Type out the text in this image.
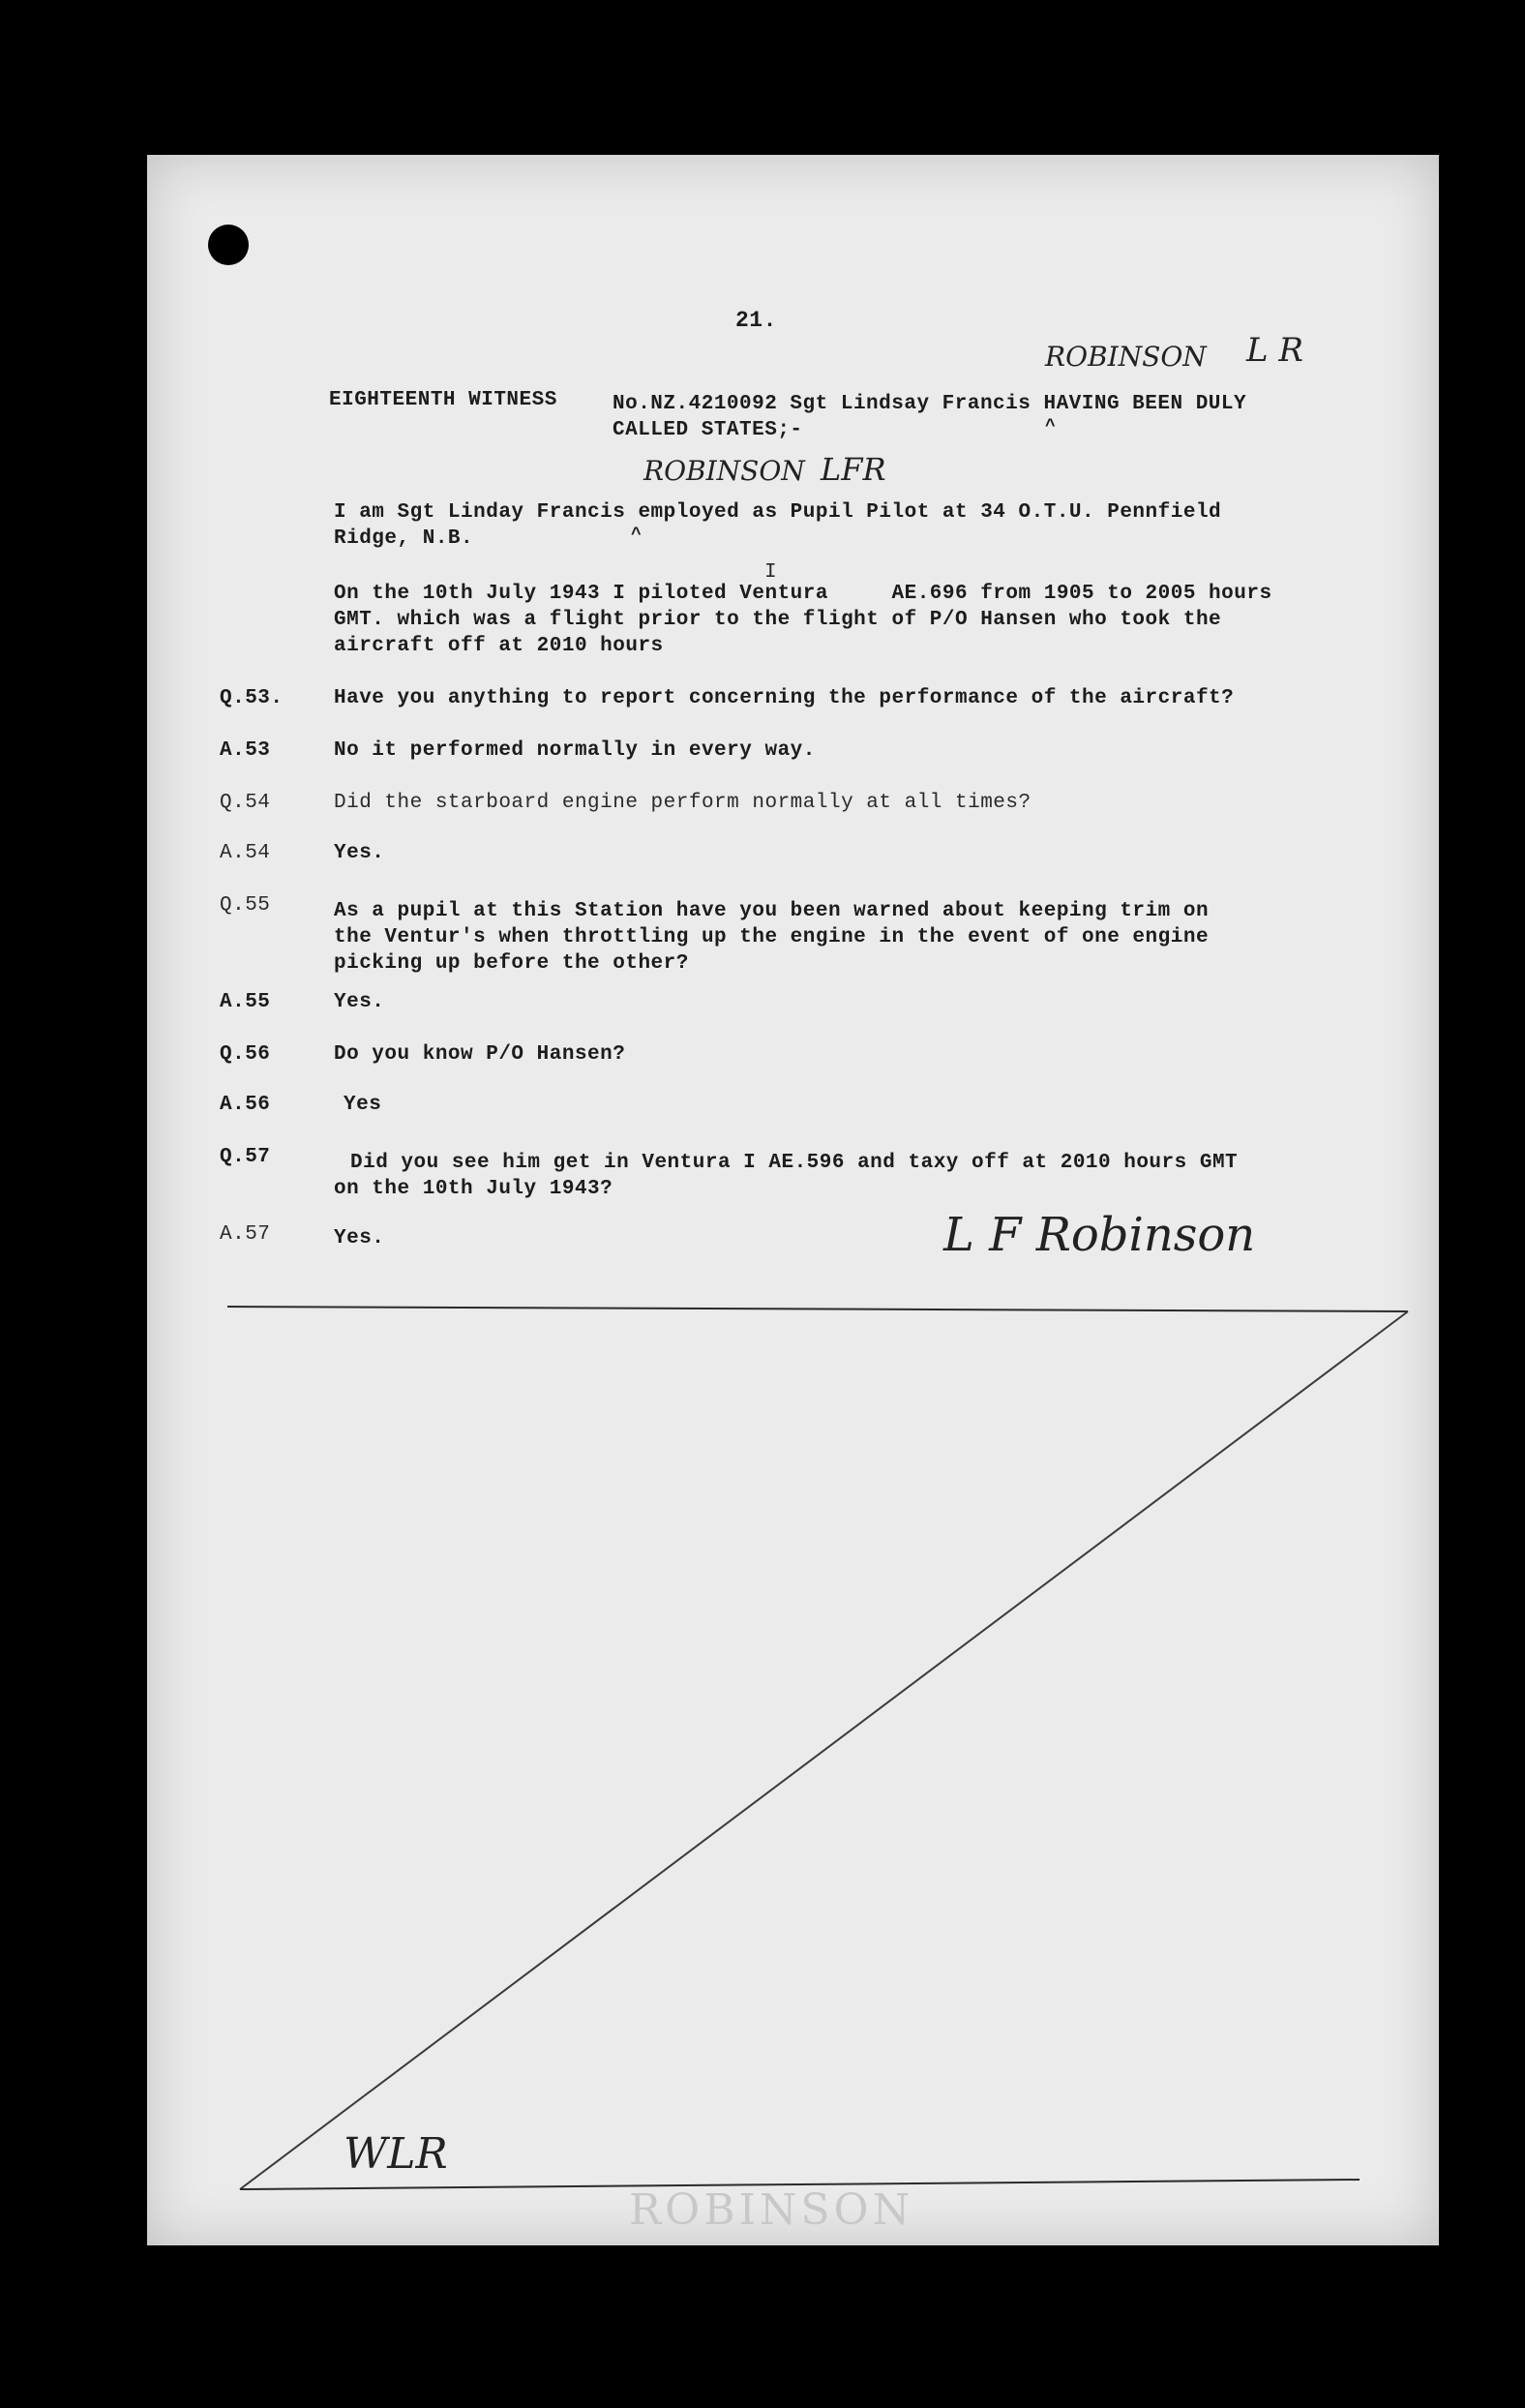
21.
ROBINSON L R
EIGHTEENTH WITNESS	No.NZ.4210092 Sgt Lindsay Francis HAVING BEEN DULY
CALLED STATES;-	^
ROBINSON LFR
I am Sgt Linday Francis employed as Pupil Pilot at 34 O.T.U. Pennfield
Ridge, N.B.	^
I
On the 10th July 1943 I piloted Ventura     AE.696 from 1905 to 2005 hours
GMT. which was a flight prior to the flight of P/O Hansen who took the
aircraft off at 2010 hours
Q.53. Have you anything to report concerning the performance of the aircraft?
A.53	No it performed normally in every way.
Q.54	Did the starboard engine perform normally at all times?
A.54	Yes.
Q.55	As a pupil at this Station have you been warned about keeping trim on
the Ventur's when throttling up the engine in the event of one engine
picking up before the other?
A.55	Yes.
Q.56	Do you know P/O Hansen?
A.56	Yes
Q.57	Did you see him get in Ventura I AE.596 and taxy off at 2010 hours GMT
on the 10th July 1943?
A.57	Yes.	L F Robinson
WLR
ROBINSON
